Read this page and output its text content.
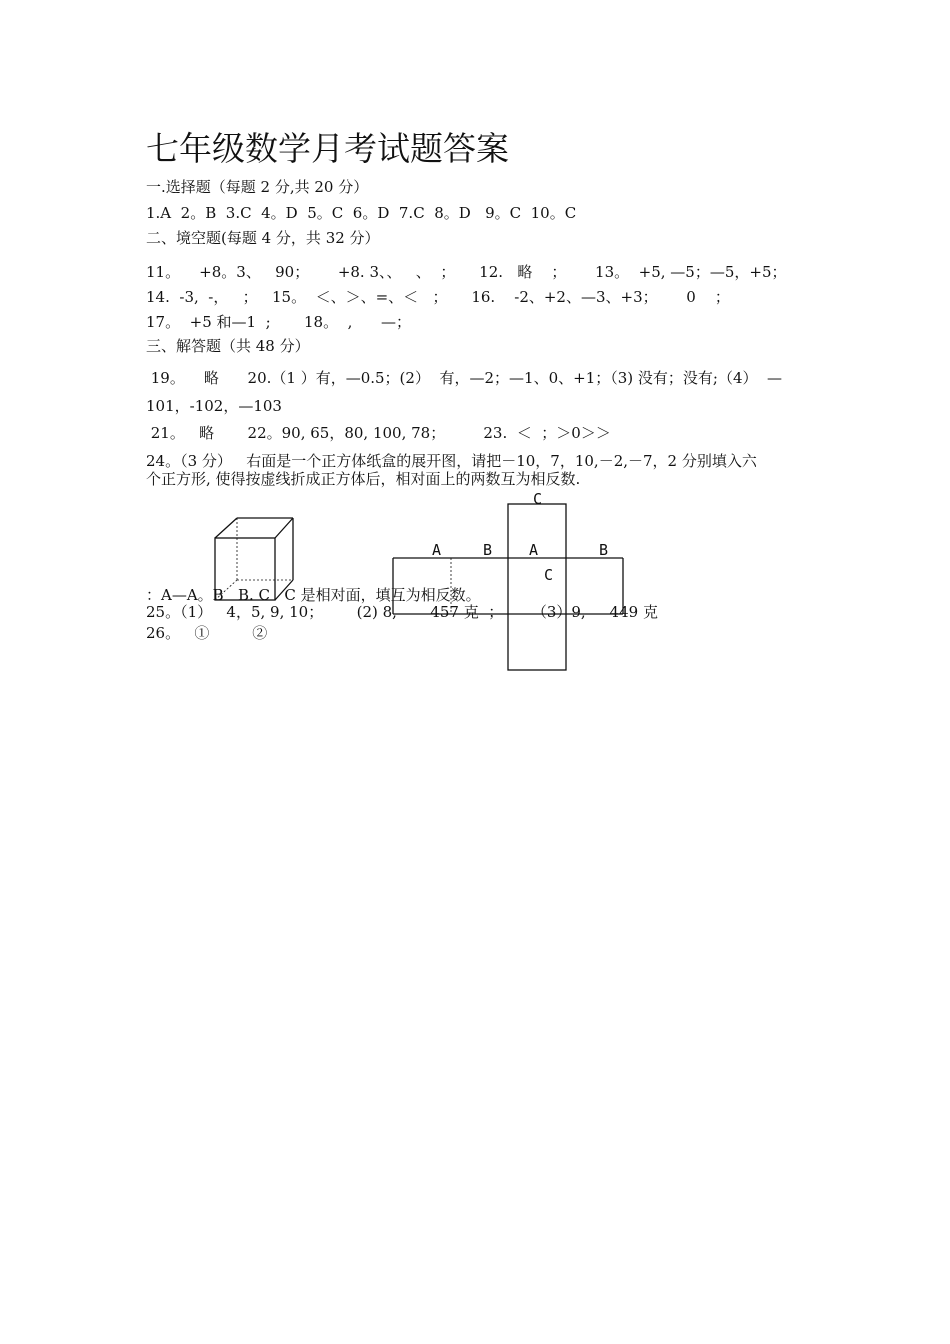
七年级数学月考试题答案
一.选择题（每题 2 分,共 20 分）
1.A  2。B  3.C  4。D  5。C  6。D  7.C  8。D   9。C  10。C
二、境空题(每题 4 分，共 32 分）
11。    +8。3、   90；      +8. 3、、   、  ；     12.   略    ；      13。  +5, —5；—5，+5；
14.  -3,  -，   ；   15。  ＜、＞、=、＜   ；     16.    -2、+2、—3、+3；      0    ；
17。  +5 和—1  ;       18。  ,      —；
三、解答题（共 48 分）
19。    略      20.（1 ）有，—0.5；(2）  有，—2；—1、0、+1；（3) 没有；没有;（4）  —
101，-102，—103
21。   略       22。90, 65，80, 100, 78；        23.  ＜  ；＞0＞＞
24。（3 分）   右面是一个正方体纸盒的展开图，请把－10，7，10,－2,－7，2 分别填入六
个正方形, 使得按虚线折成正方体后，相对面上的两数互为相反数.
C
A	B A	B
C
：A—A。B   B. C   C 是相对面，填互为相反数。
25。（1）   4，5, 9, 10；       (2) 8,       457 克  ；      （3）9,     449 克
26。   ①         ②
